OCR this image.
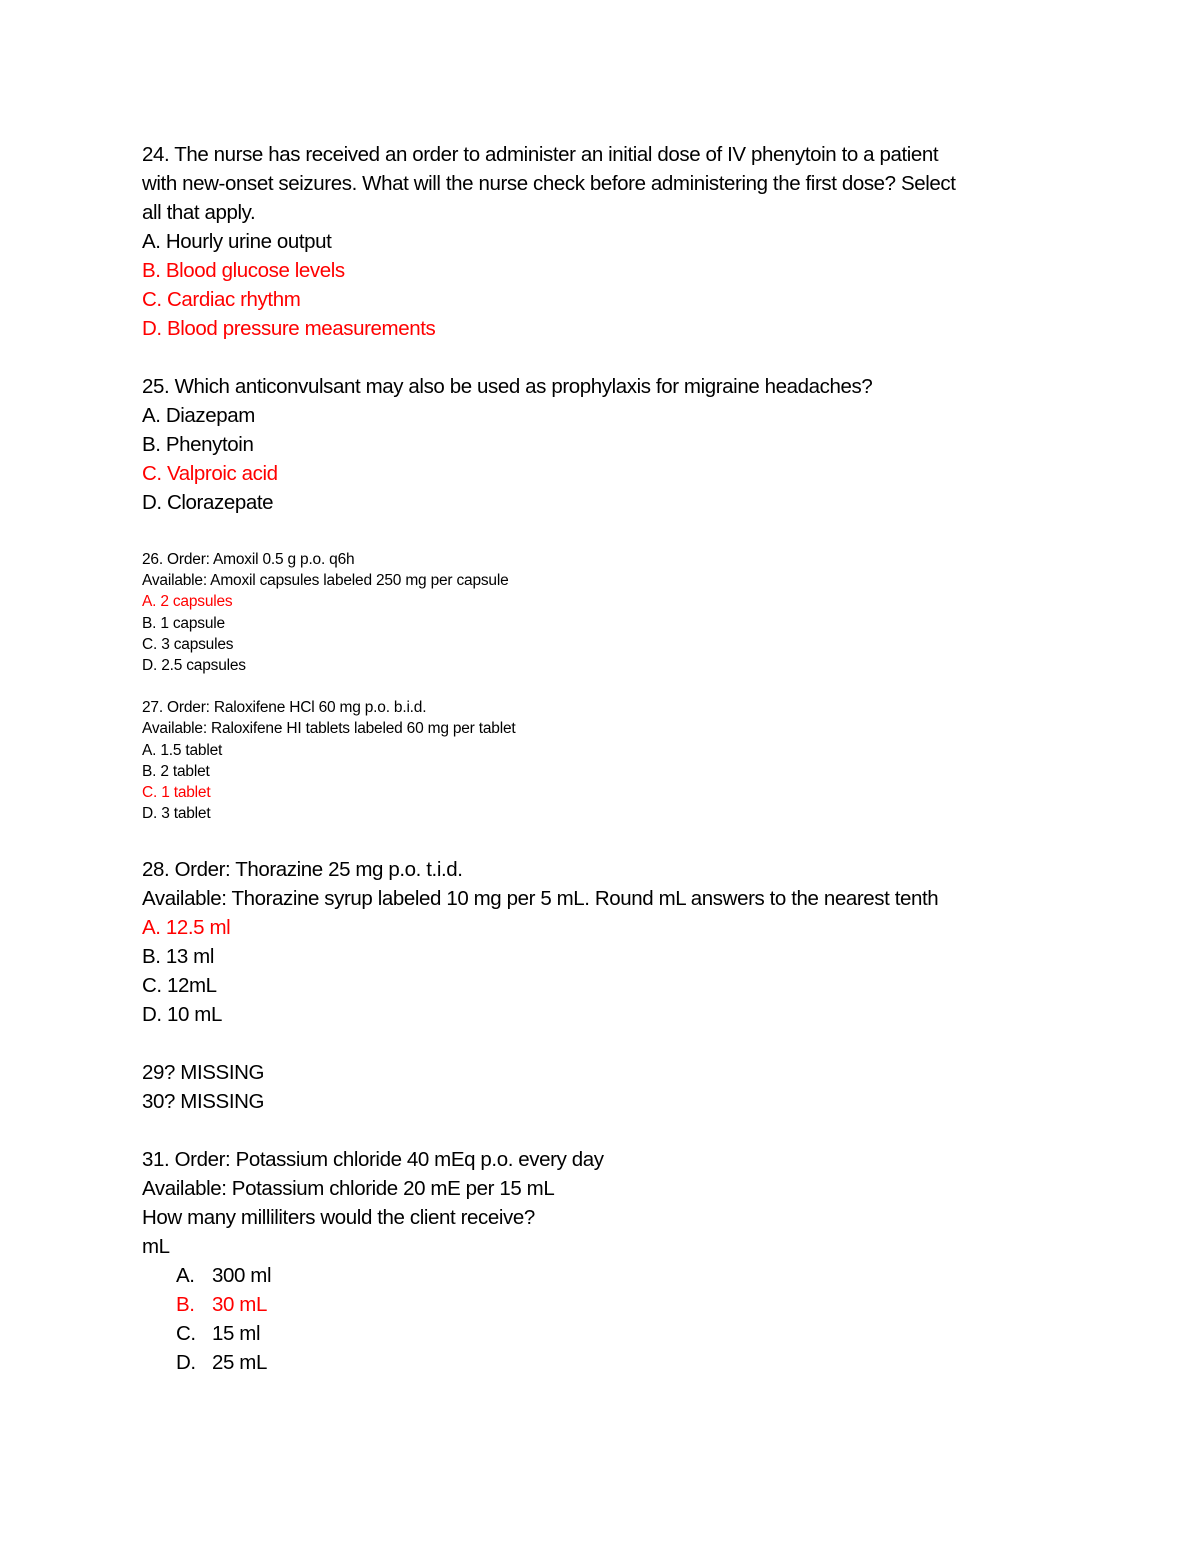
24. The nurse has received an order to administer an initial dose of IV phenytoin to a patient

with new-onset seizures. What will the nurse check before administering the first dose? Select

all that apply.

A. Hourly urine output

B. Blood glucose levels

C. Cardiac rhythm

D. Blood pressure measurements

25. Which anticonvulsant may also be used as prophylaxis for migraine headaches?

A. Diazepam

B. Phenytoin

C. Valproic acid

D. Clorazepate

26. Order: Amoxil 0.5 g p.o. q6h

Available: Amoxil capsules labeled 250 mg per capsule

A. 2 capsules

B. 1 capsule

C. 3 capsules

D. 2.5 capsules

27. Order: Raloxifene HCl 60 mg p.o. b.i.d.

Available: Raloxifene HI tablets labeled 60 mg per tablet

A. 1.5 tablet

B. 2 tablet

C. 1 tablet

D. 3 tablet

28. Order: Thorazine 25 mg p.o. t.i.d.

Available: Thorazine syrup labeled 10 mg per 5 mL. Round mL answers to the nearest tenth

A. 12.5 ml

B. 13 ml

C. 12mL

D. 10 mL

29? MISSING

30? MISSING

31. Order: Potassium chloride 40 mEq p.o. every day

Available: Potassium chloride 20 mE per 15 mL

How many milliliters would the client receive?

mL

A. 300 ml
B. 30 mL
C. 15 ml
D. 25 mL
